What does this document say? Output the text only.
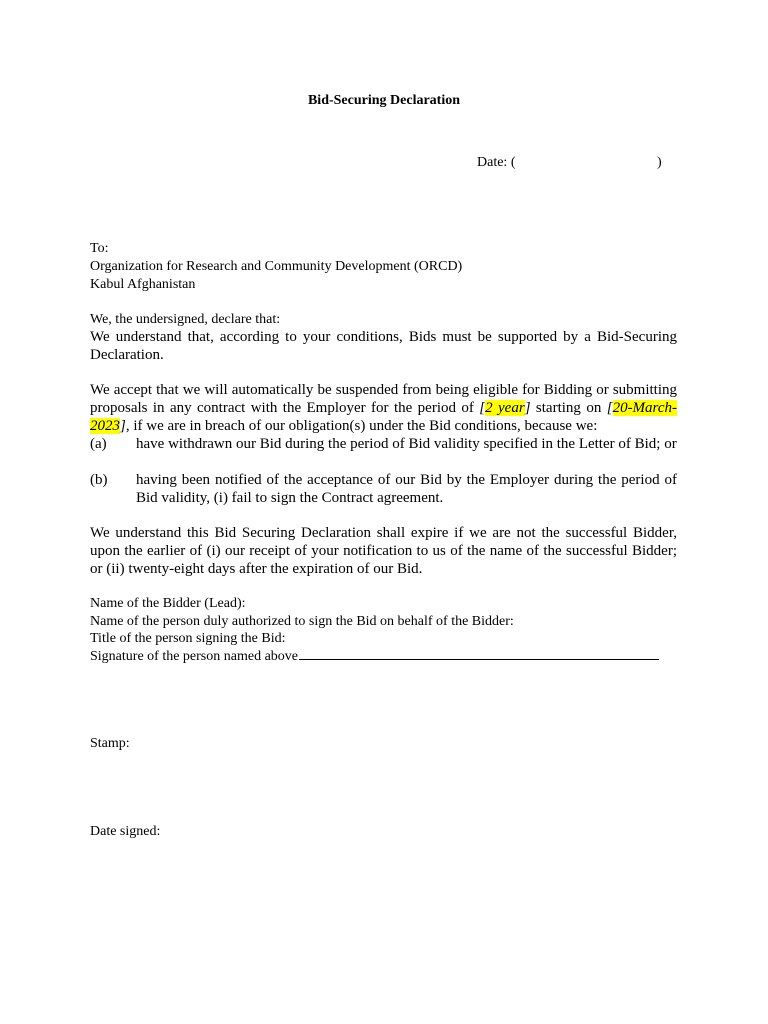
Bid-Securing Declaration
Date: (	)
To:
Organization for Research and Community Development (ORCD)
Kabul Afghanistan
We, the undersigned, declare that:
We understand that, according to your conditions, Bids must be supported by a Bid-Securing Declaration.
We accept that we will automatically be suspended from being eligible for Bidding or submitting proposals in any contract with the Employer for the period of [2 year] starting on [20-March-2023], if we are in breach of our obligation(s) under the Bid conditions, because we:
(a) have withdrawn our Bid during the period of Bid validity specified in the Letter of Bid; or
(b) having been notified of the acceptance of our Bid by the Employer during the period of Bid validity, (i) fail to sign the Contract agreement.
We understand this Bid Securing Declaration shall expire if we are not the successful Bidder, upon the earlier of (i) our receipt of your notification to us of the name of the successful Bidder; or (ii) twenty-eight days after the expiration of our Bid.
Name of the Bidder (Lead):
Name of the person duly authorized to sign the Bid on behalf of the Bidder:
Title of the person signing the Bid:
Signature of the person named above
Stamp:
Date signed:
